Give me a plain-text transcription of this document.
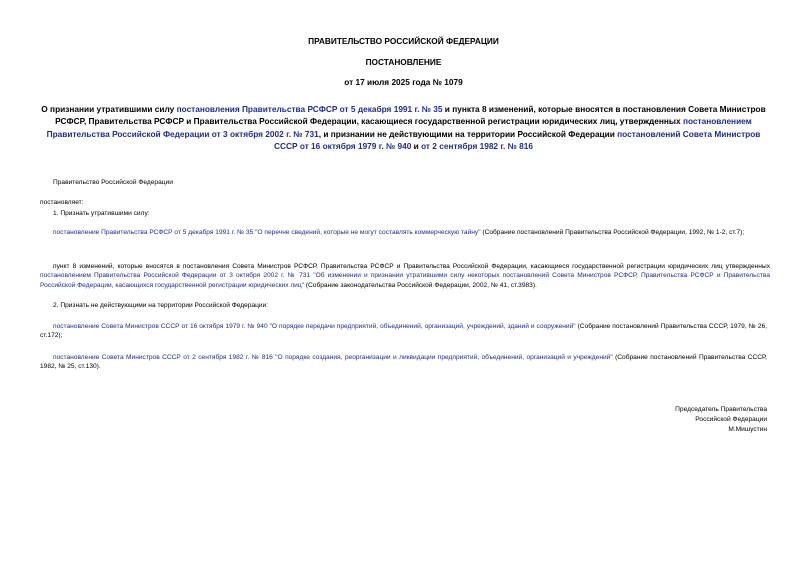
ПРАВИТЕЛЬСТВО РОССИЙСКОЙ ФЕДЕРАЦИИ
ПОСТАНОВЛЕНИЕ
от 17 июля 2025 года № 1079
О признании утратившими силу постановления Правительства РСФСР от 5 декабря 1991 г. № 35 и пункта 8 изменений, которые вносятся в постановления Совета Министров РСФСР, Правительства РСФСР и Правительства Российской Федерации, касающиеся государственной регистрации юридических лиц, утвержденных постановлением Правительства Российской Федерации от 3 октября 2002 г. № 731, и признании не действующими на территории Российской Федерации постановлений Совета Министров СССР от 16 октября 1979 г. № 940 и от 2 сентября 1982 г. № 816
Правительство Российской Федерации
постановляет:
1. Признать утратившими силу:
постановление Правительства РСФСР от 5 декабря 1991 г. № 35 "О перечне сведений, которые не могут составлять коммерческую тайну" (Собрание постановлений Правительства Российской Федерации, 1992, № 1-2, ст.7);
пункт 8 изменений, которые вносятся в постановления Совета Министров РСФСР, Правительства РСФСР и Правительства Российской Федерации, касающиеся государственной регистрации юридических лиц утвержденных постановлением Правительства Российской Федерации от 3 октября 2002 г. № 731 "Об изменении и признании утратившими силу некоторых постановлений Совета Министров РСФСР, Правительства РСФСР и Правительства Российской Федерации, касающихся государственной регистрации юридических лиц" (Собрание законодательства Российской Федерации, 2002, № 41, ст.3983).
2. Признать не действующими на территории Российской Федерации:
постановление Совета Министров СССР от 16 октября 1979 г. № 940 "О порядке передачи предприятий, объединений, организаций, учреждений, зданий и сооружений" (Собрание постановлений Правительства СССР, 1979, № 26, ст.172);
постановление Совета Министров СССР от 2 сентября 1982 г. № 816 "О порядке создания, реорганизации и ликвидации предприятий, объединений, организаций и учреждений" (Собрание постановлений Правительства СССР, 1982, № 25, ст.130).
Председатель Правительства
Российской Федерации
М.Мишустин
